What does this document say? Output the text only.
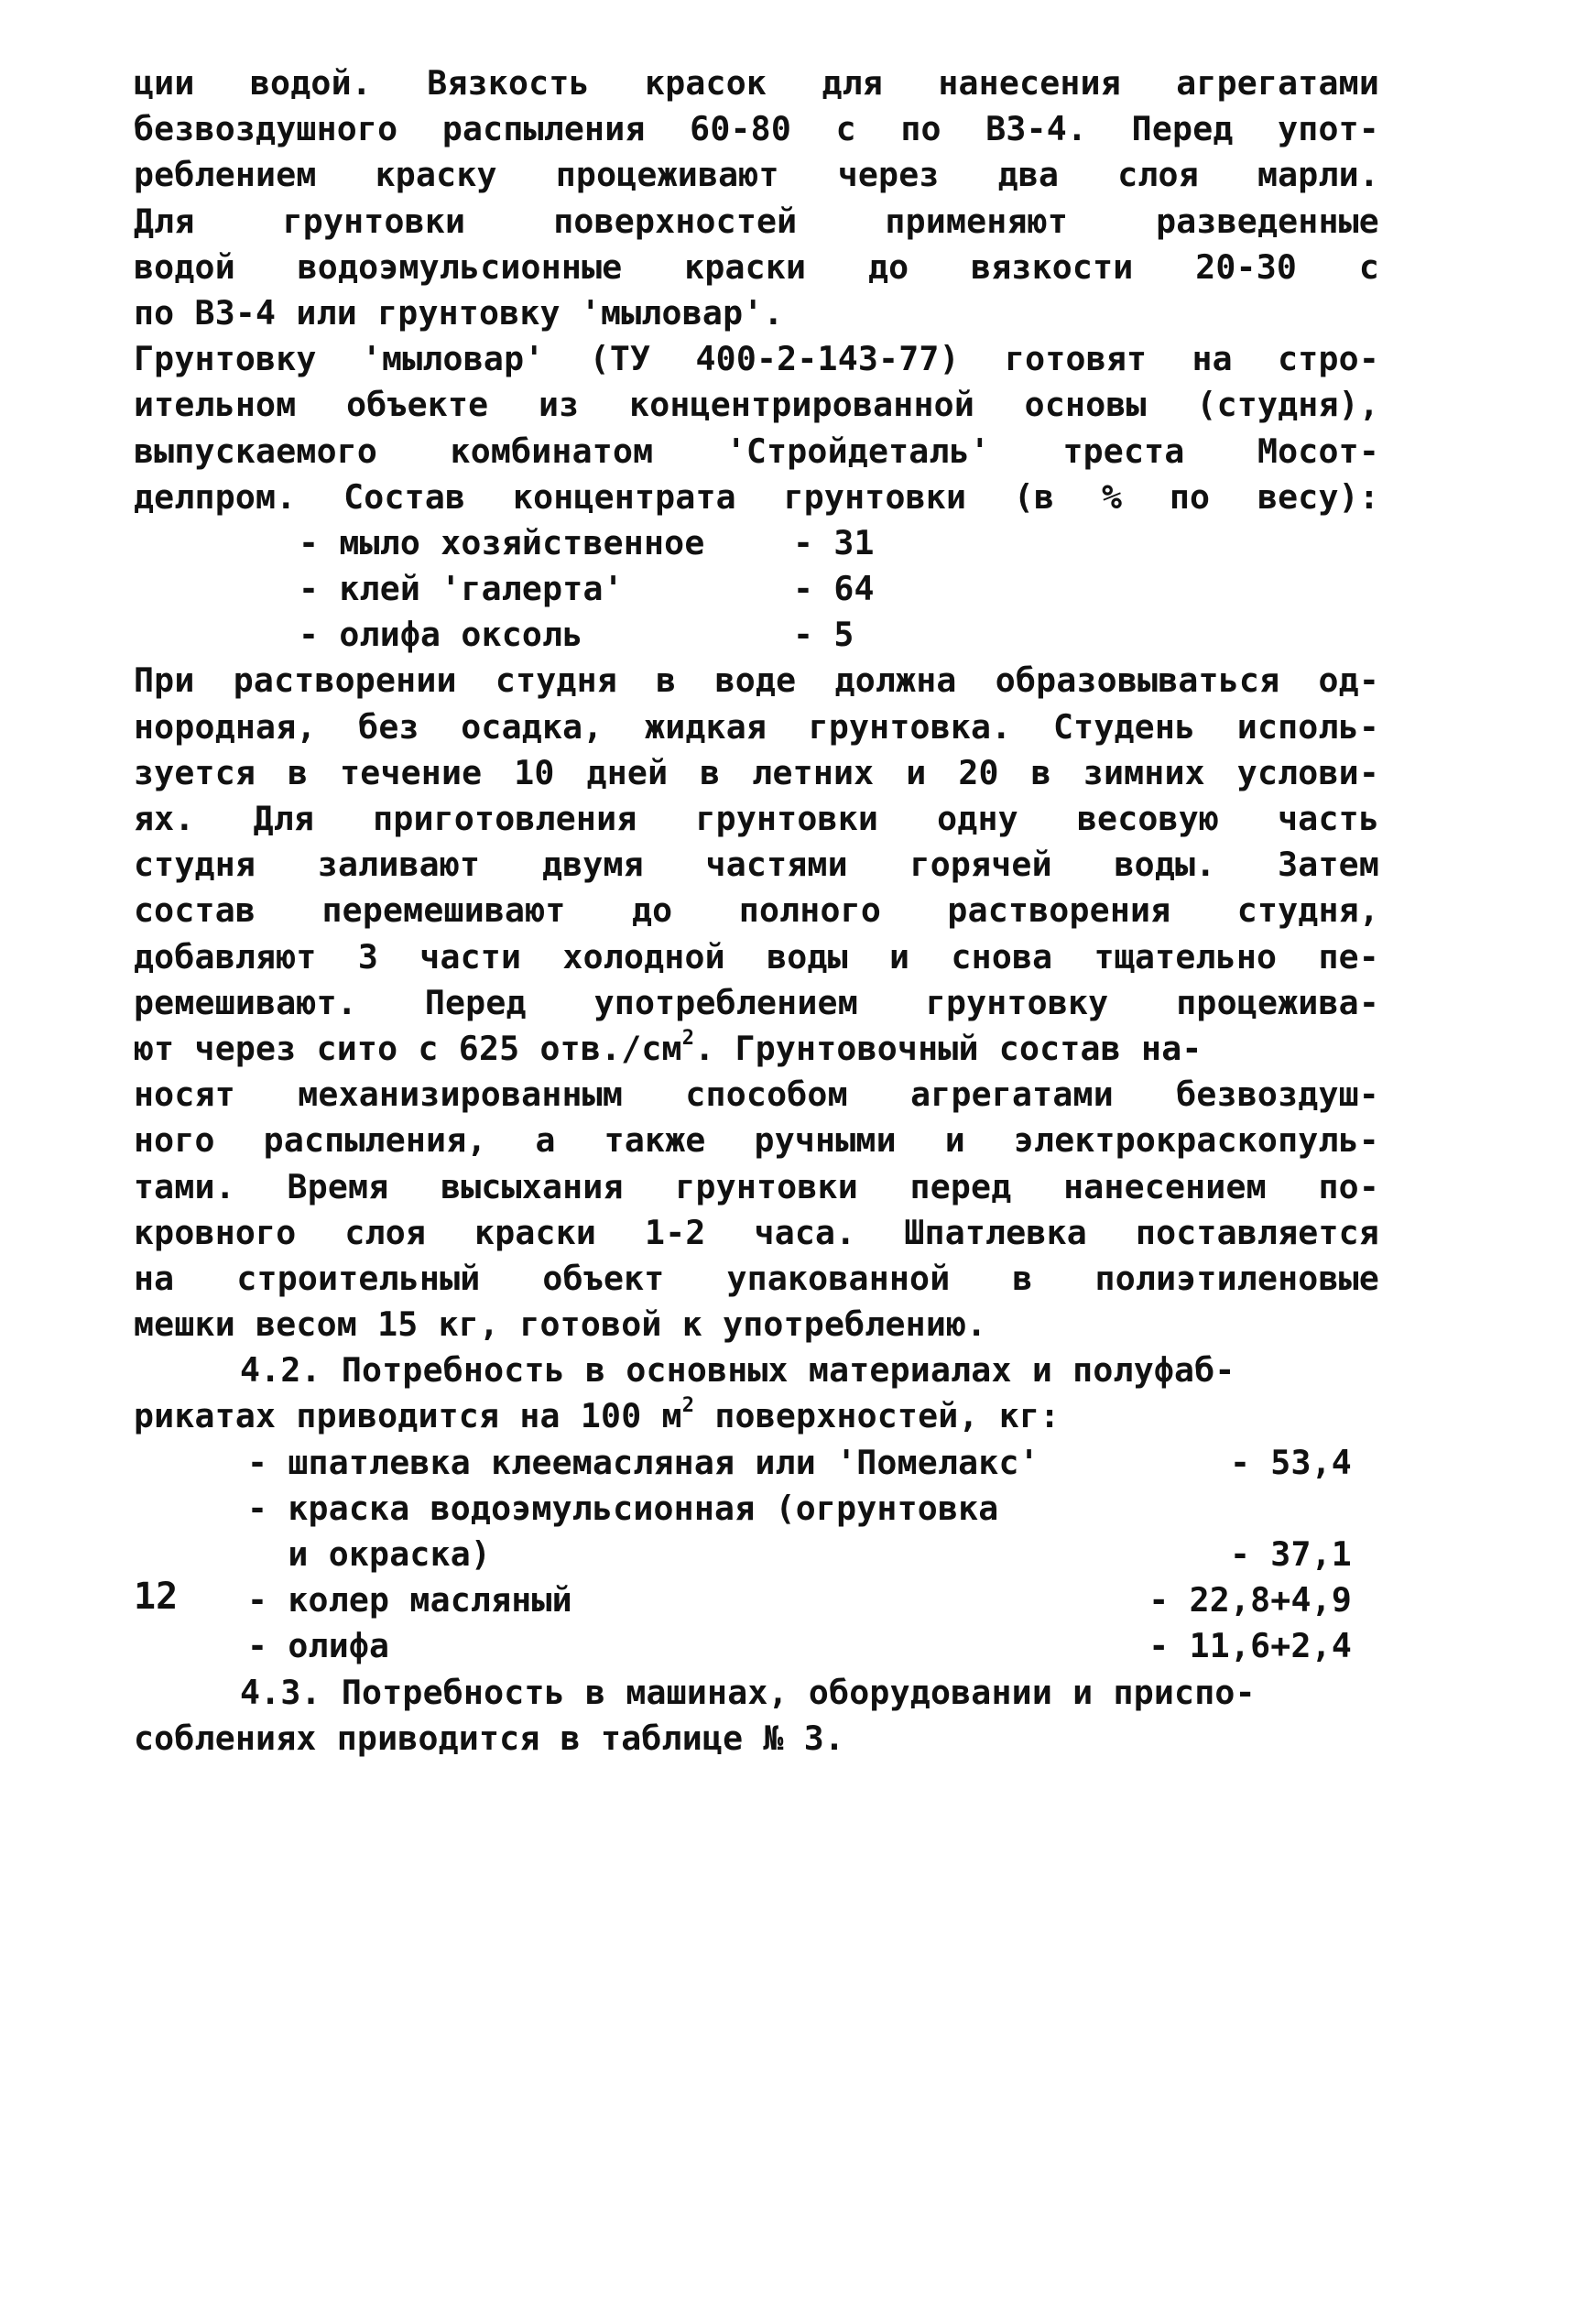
ции водой. Вязкость красок для нанесения агрегатами
безвоздушного распыления 60-80 с по ВЗ-4. Перед упот-
реблением краску процеживают через два слоя марли.
Для грунтовки поверхностей применяют разведенные
водой водоэмульсионные краски до вязкости 20-30 с
по ВЗ-4 или грунтовку 'мыловар'.
Грунтовку 'мыловар' (ТУ 400-2-143-77) готовят на стро-
ительном объекте из концентрированной основы (студня),
выпускаемого комбинатом 'Стройдеталь' треста Мосот-
делпром. Состав концентрата грунтовки (в % по весу):
- мыло хозяйственное	- 31
- клей 'галерта'	- 64
- олифа оксоль	- 5
При растворении студня в воде должна образовываться од-
нородная, без осадка, жидкая грунтовка. Студень исполь-
зуется в течение 10 дней в летних и 20 в зимних услови-
ях. Для приготовления грунтовки одну весовую часть
студня заливают двумя частями горячей воды. Затем
состав перемешивают до полного растворения студня,
добавляют 3 части холодной воды и снова тщательно пе-
ремешивают. Перед употреблением грунтовку процежива-
ют через сито с 625 $отв./см^2$. Грунтовочный состав на-
носят механизированным способом агрегатами безвоздуш-
ного распыления, а также ручными и электрокраскопуль-
тами. Время высыхания грунтовки перед нанесением по-
кровного слоя краски 1-2 часа. Шпатлевка поставляется
на строительный объект упакованной в полиэтиленовые
мешки весом 15 кг, готовой к употреблению.
4.2. Потребность в основных материалах и полуфаб-
рикатах приводится на 100 $м^2$ поверхностей, кг:
- шпатлевка клеемасляная или 'Помелакс'	- 53,4
- краска водоэмульсионная (огрунтовка
и окраска)	- 37,1
- колер масляный	- 22,8+4,9
- олифа	- 11,6+2,4
4.3. Потребность в машинах, оборудовании и приспо-
соблениях приводится в таблице № 3.
12
